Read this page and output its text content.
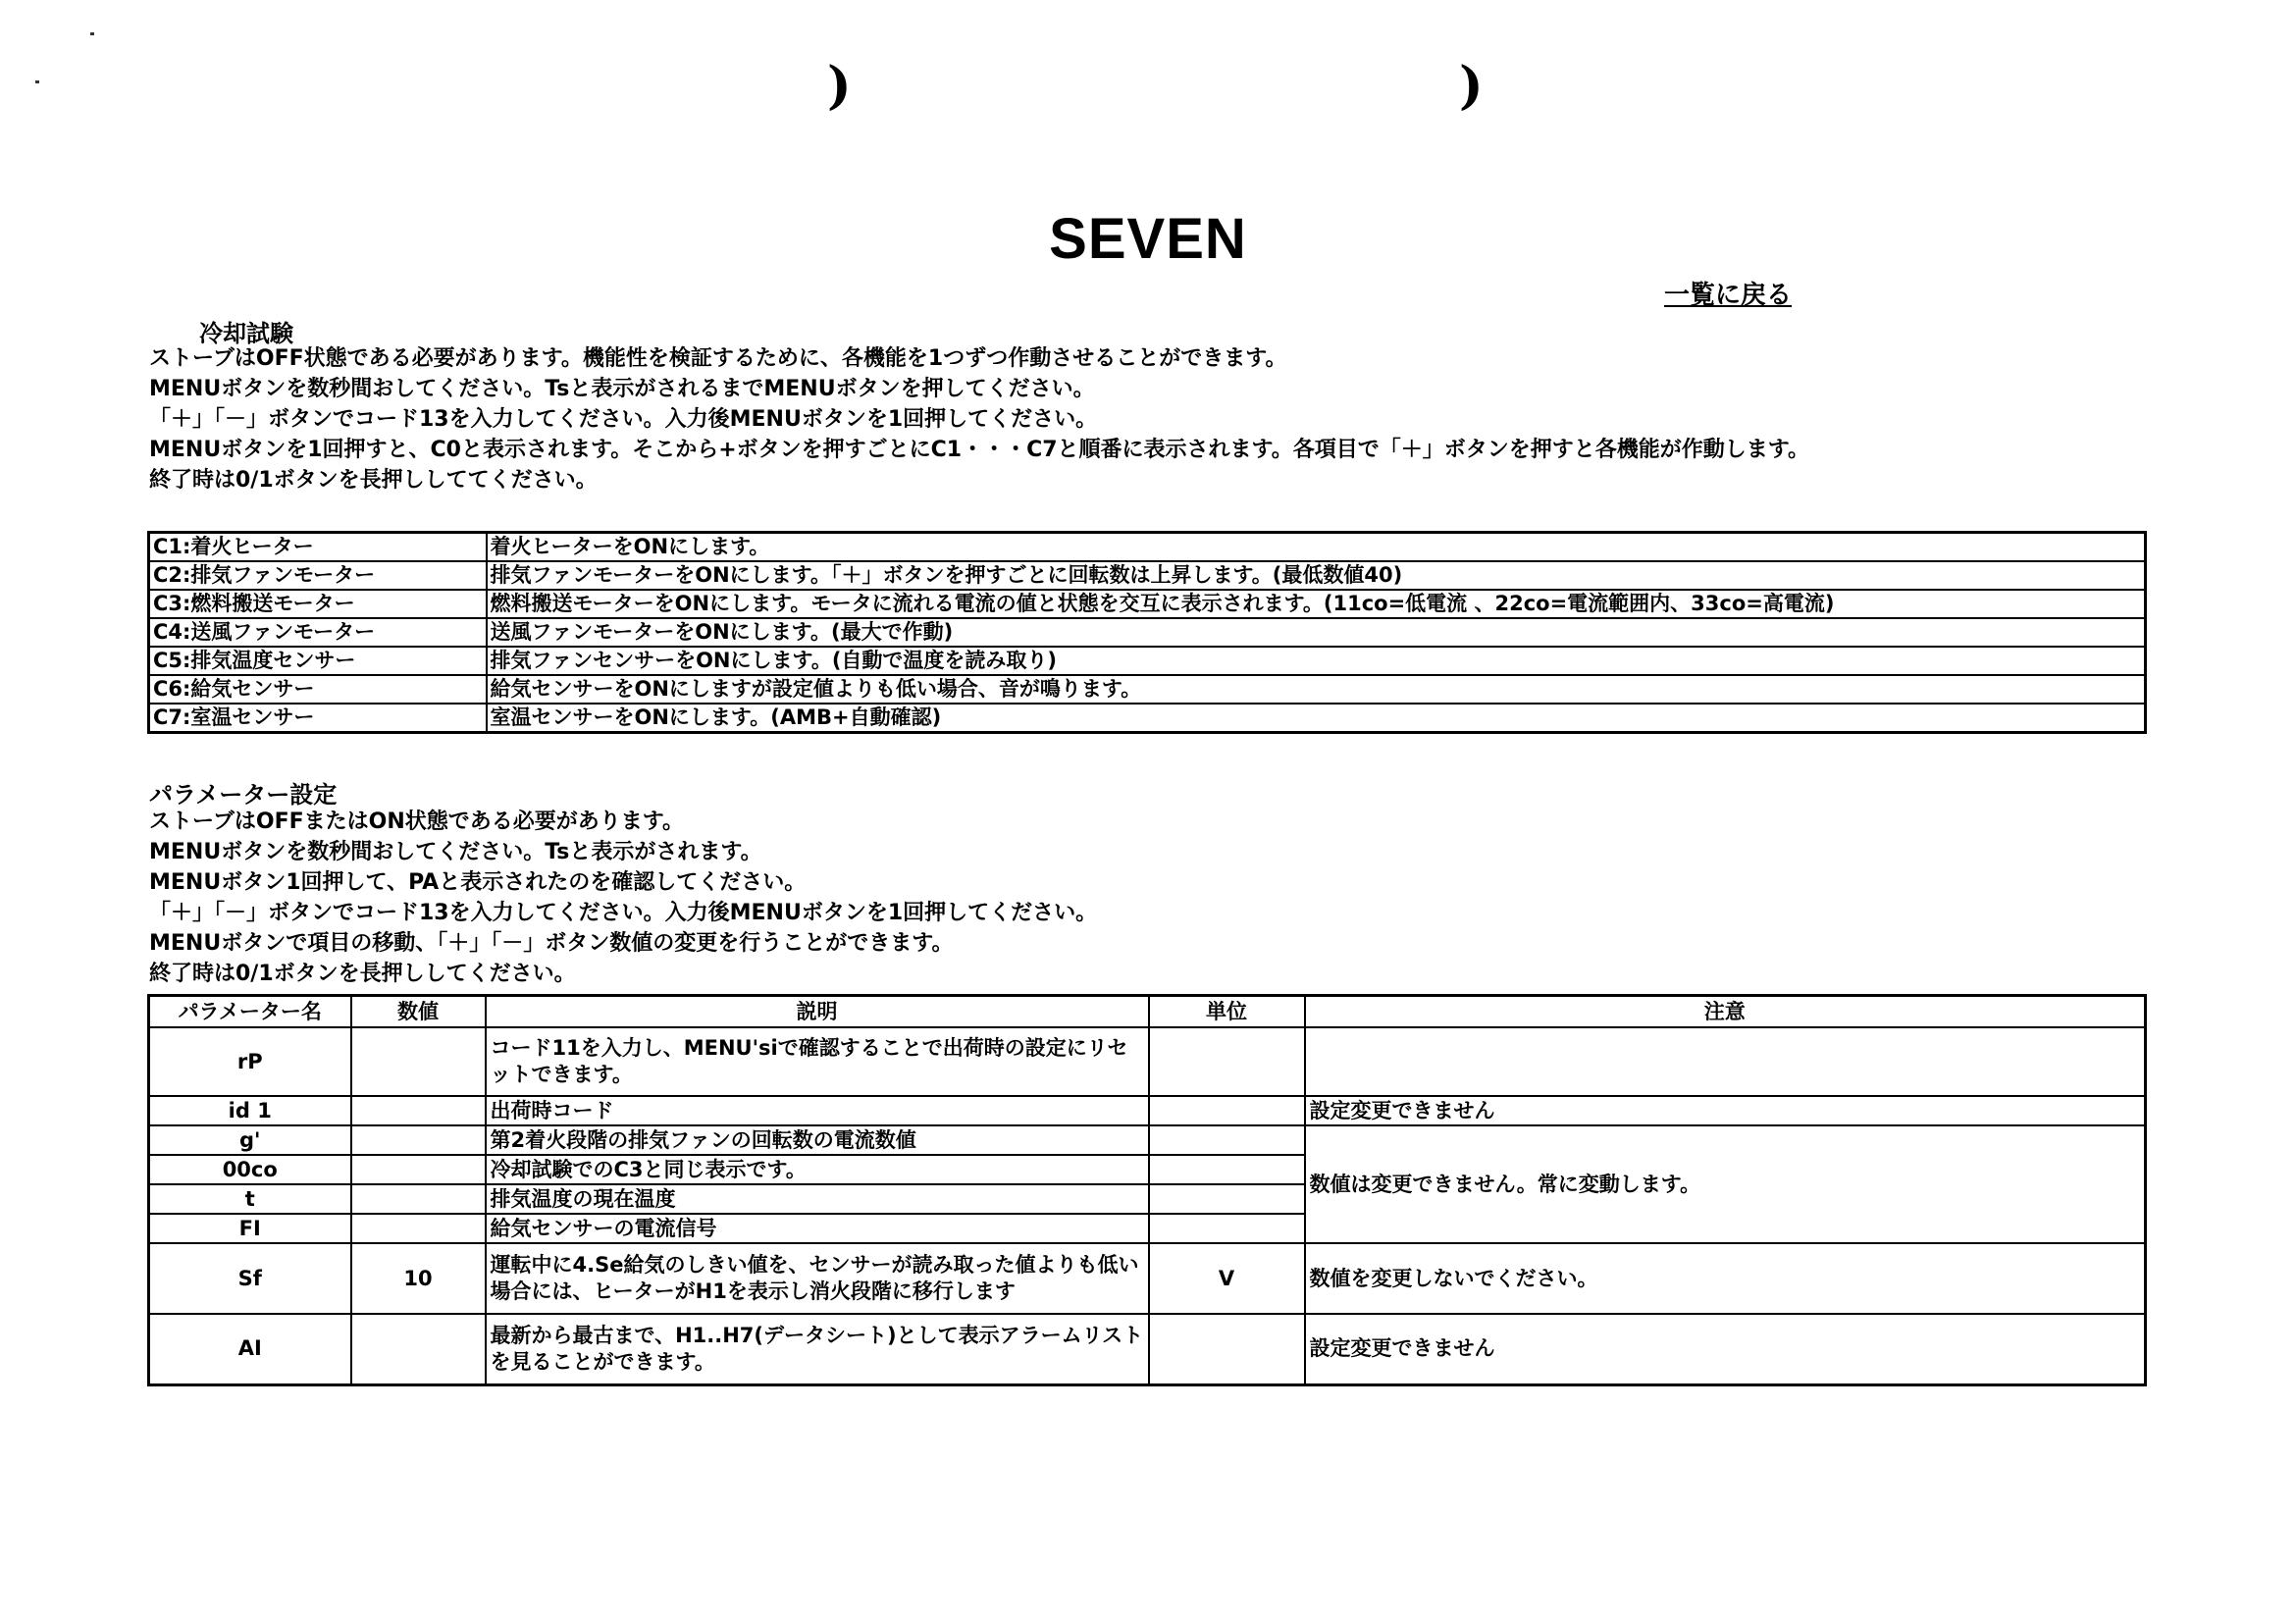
)	)
SEVEN
一覧に戻る
冷却試験
ストーブはOFF状態である必要があります。機能性を検証するために、各機能を1つずつ作動させることができます。
MENUボタンを数秒間おしてください。Tsと表示がされるまでMENUボタンを押してください。
「＋」「－」ボタンでコード13を入力してください。入力後MENUボタンを1回押してください。
MENUボタンを1回押すと、C0と表示されます。そこから+ボタンを押すごとにC1・・・C7と順番に表示されます。各項目で「＋」ボタンを押すと各機能が作動します。
終了時は0/1ボタンを長押ししててください。
C1:着火ヒーター	着火ヒーターをONにします。
C2:排気ファンモーター	排気ファンモーターをONにします。「＋」ボタンを押すごとに回転数は上昇します。(最低数値40)
C3:燃料搬送モーター	燃料搬送モーターをONにします。モータに流れる電流の値と状態を交互に表示されます。(11co=低電流 、22co=電流範囲内、33co=高電流)
C4:送風ファンモーター	送風ファンモーターをONにします。(最大で作動)
C5:排気温度センサー	排気ファンセンサーをONにします。(自動で温度を読み取り)
C6:給気センサー	給気センサーをONにしますが設定値よりも低い場合、音が鳴ります。
C7:室温センサー	室温センサーをONにします。(AMB+自動確認)
パラメーター設定
ストーブはOFFまたはON状態である必要があります。
MENUボタンを数秒間おしてください。Tsと表示がされます。
MENUボタン1回押して、PAと表示されたのを確認してください。
「＋」「－」ボタンでコード13を入力してください。入力後MENUボタンを1回押してください。
MENUボタンで項目の移動、「＋」「－」ボタン数値の変更を行うことができます。
終了時は0/1ボタンを長押ししてください。
パラメーター名	数値	説明	単位	注意
rP		コード11を入力し、MENU'siで確認することで出荷時の設定にリセットできます。		
id 1		出荷時コード		設定変更できません
g'		第2着火段階の排気ファンの回転数の電流数値		数値は変更できません。常に変動します。
00co		冷却試験でのC3と同じ表示です。		
t		排気温度の現在温度		
FI		給気センサーの電流信号		
Sf	10	運転中に4.Se給気のしきい値を、センサーが読み取った値よりも低い場合には、ヒーターがH1を表示し消火段階に移行します	V	数値を変更しないでください。
AI		最新から最古まで、H1..H7(データシート)として表示アラームリストを見ることができます。		設定変更できません
